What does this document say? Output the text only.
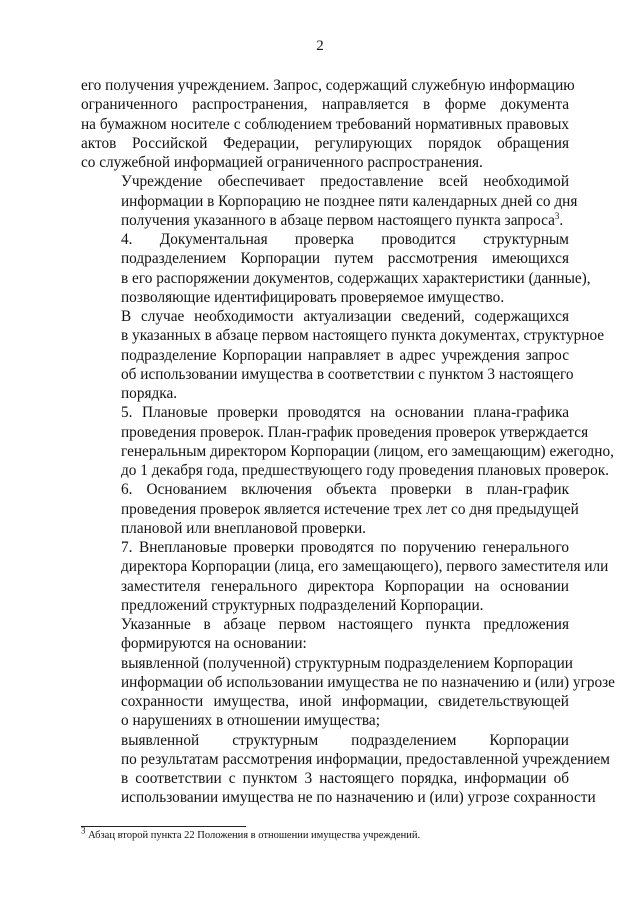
2
его получения учреждением. Запрос, содержащий служебную информацию
ограниченного распространения, направляется в форме документа
на бумажном носителе с соблюдением требований нормативных правовых
актов Российской Федерации, регулирующих порядок обращения
со служебной информацией ограниченного распространения.
Учреждение обеспечивает предоставление всей необходимой
информации в Корпорацию не позднее пяти календарных дней со дня
получения указанного в абзаце первом настоящего пункта запроса$^3$.
4. Документальная проверка проводится структурным
подразделением Корпорации путем рассмотрения имеющихся
в его распоряжении документов, содержащих характеристики (данные),
позволяющие идентифицировать проверяемое имущество.
В случае необходимости актуализации сведений, содержащихся
в указанных в абзаце первом настоящего пункта документах, структурное
подразделение Корпорации направляет в адрес учреждения запрос
об использовании имущества в соответствии с пунктом 3 настоящего
порядка.
5. Плановые проверки проводятся на основании плана-графика
проведения проверок. План-график проведения проверок утверждается
генеральным директором Корпорации (лицом, его замещающим) ежегодно,
до 1 декабря года, предшествующего году проведения плановых проверок.
6. Основанием включения объекта проверки в план-график
проведения проверок является истечение трех лет со дня предыдущей
плановой или внеплановой проверки.
7. Внеплановые проверки проводятся по поручению генерального
директора Корпорации (лица, его замещающего), первого заместителя или
заместителя генерального директора Корпорации на основании
предложений структурных подразделений Корпорации.
Указанные в абзаце первом настоящего пункта предложения
формируются на основании:
выявленной (полученной) структурным подразделением Корпорации
информации об использовании имущества не по назначению и (или) угрозе
сохранности имущества, иной информации, свидетельствующей
о нарушениях в отношении имущества;
выявленной структурным подразделением Корпорации
по результатам рассмотрения информации, предоставленной учреждением
в соответствии с пунктом 3 настоящего порядка, информации об
использовании имущества не по назначению и (или) угрозе сохранности
$^3$ Абзац второй пункта 22 Положения в отношении имущества учреждений.
